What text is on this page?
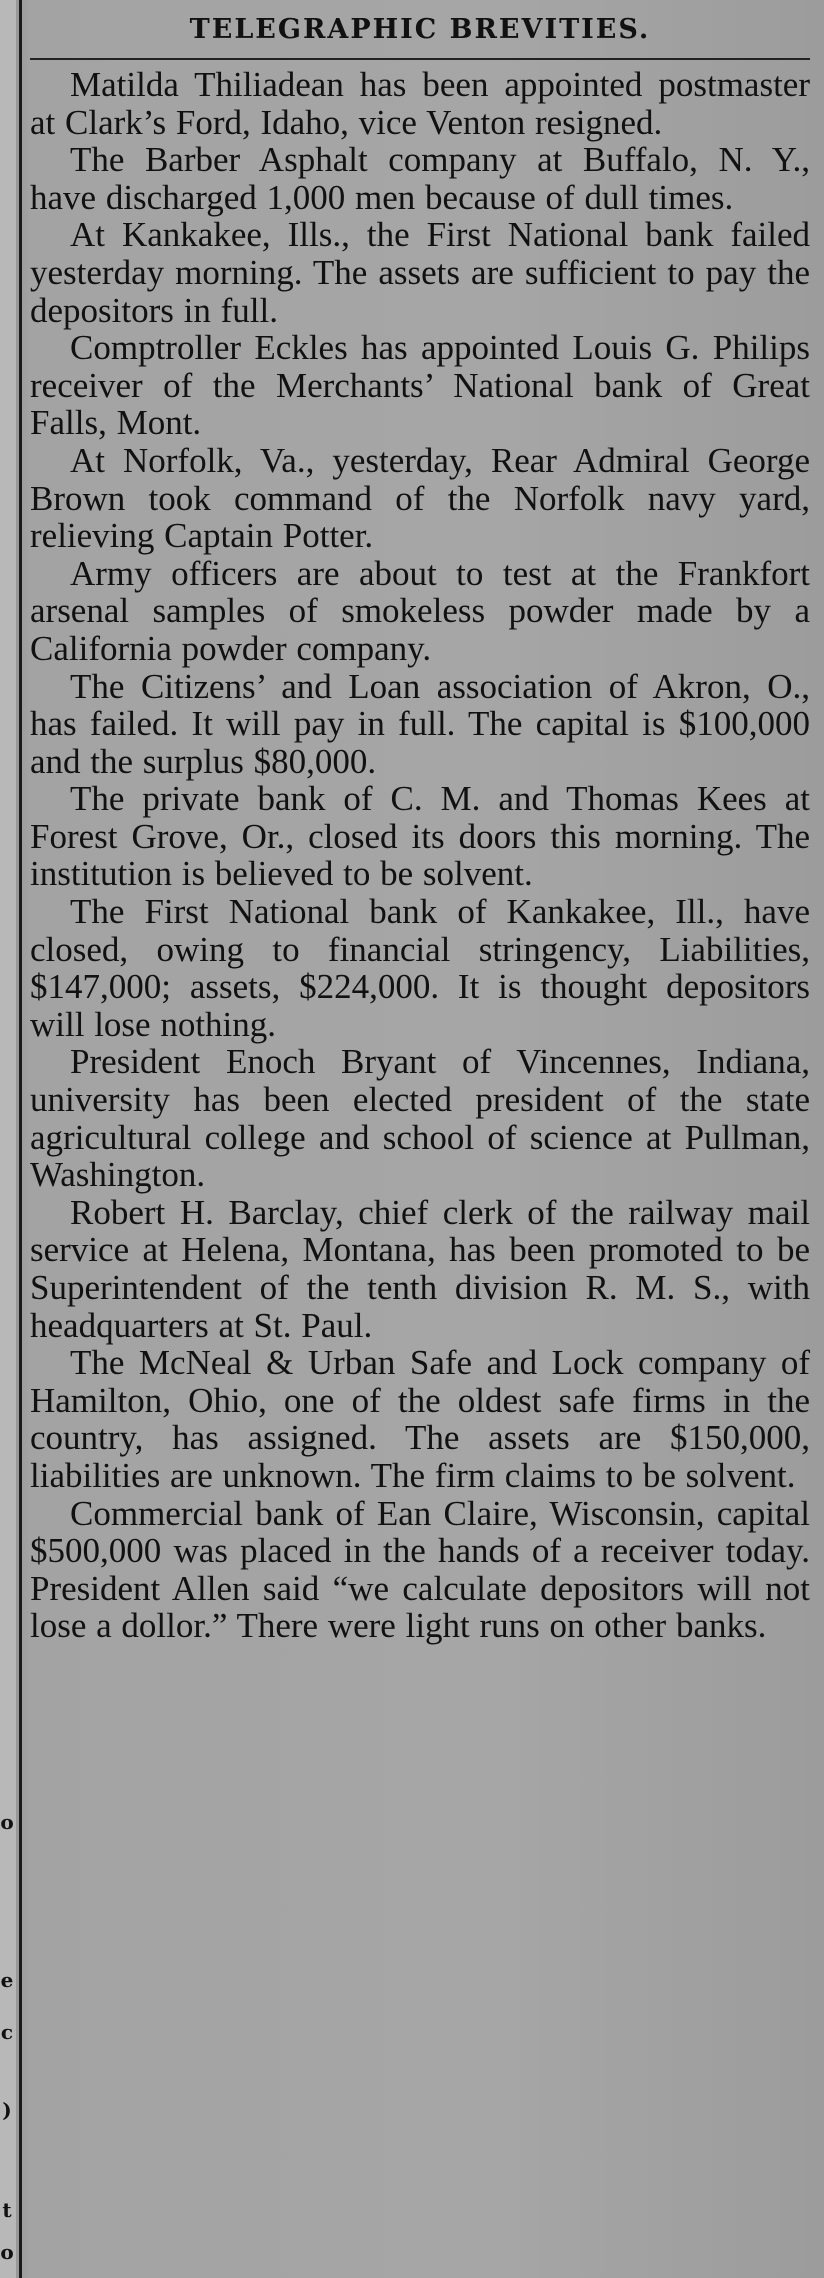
o
e
c
)
t
o
TELEGRAPHIC BREVITIES.

Matilda Thiliadean has been appointed postmaster at Clark’s Ford, Idaho, vice Venton resigned.

The Barber Asphalt company at Buffalo, N. Y., have discharged 1,000 men because of dull times.

At Kankakee, Ills., the First National bank failed yesterday morning. The assets are sufficient to pay the depositors in full.

Comptroller Eckles has appointed Louis G. Philips receiver of the Merchants’ National bank of Great Falls, Mont.

At Norfolk, Va., yesterday, Rear Admiral George Brown took command of the Norfolk navy yard, relieving Captain Potter.

Army officers are about to test at the Frankfort arsenal samples of smokeless powder made by a California powder company.

The Citizens’ and Loan association of Akron, O., has failed. It will pay in full. The capital is $100,000 and the surplus $80,000.

The private bank of C. M. and Thomas Kees at Forest Grove, Or., closed its doors this morning. The institution is believed to be solvent.

The First National bank of Kankakee, Ill., have closed, owing to financial stringency, Liabilities, $147,000; assets, $224,000. It is thought depositors will lose nothing.

President Enoch Bryant of Vincennes, Indiana, university has been elected president of the state agricultural college and school of science at Pullman, Washington.

Robert H. Barclay, chief clerk of the railway mail service at Helena, Montana, has been promoted to be Superintendent of the tenth division R. M. S., with headquarters at St. Paul.

The McNeal & Urban Safe and Lock company of Hamilton, Ohio, one of the oldest safe firms in the country, has assigned. The assets are $150,000, liabilities are unknown. The firm claims to be solvent.

Commercial bank of Ean Claire, Wisconsin, capital $500,000 was placed in the hands of a receiver today. President Allen said “we calculate depositors will not lose a dollor.” There were light runs on other banks.
